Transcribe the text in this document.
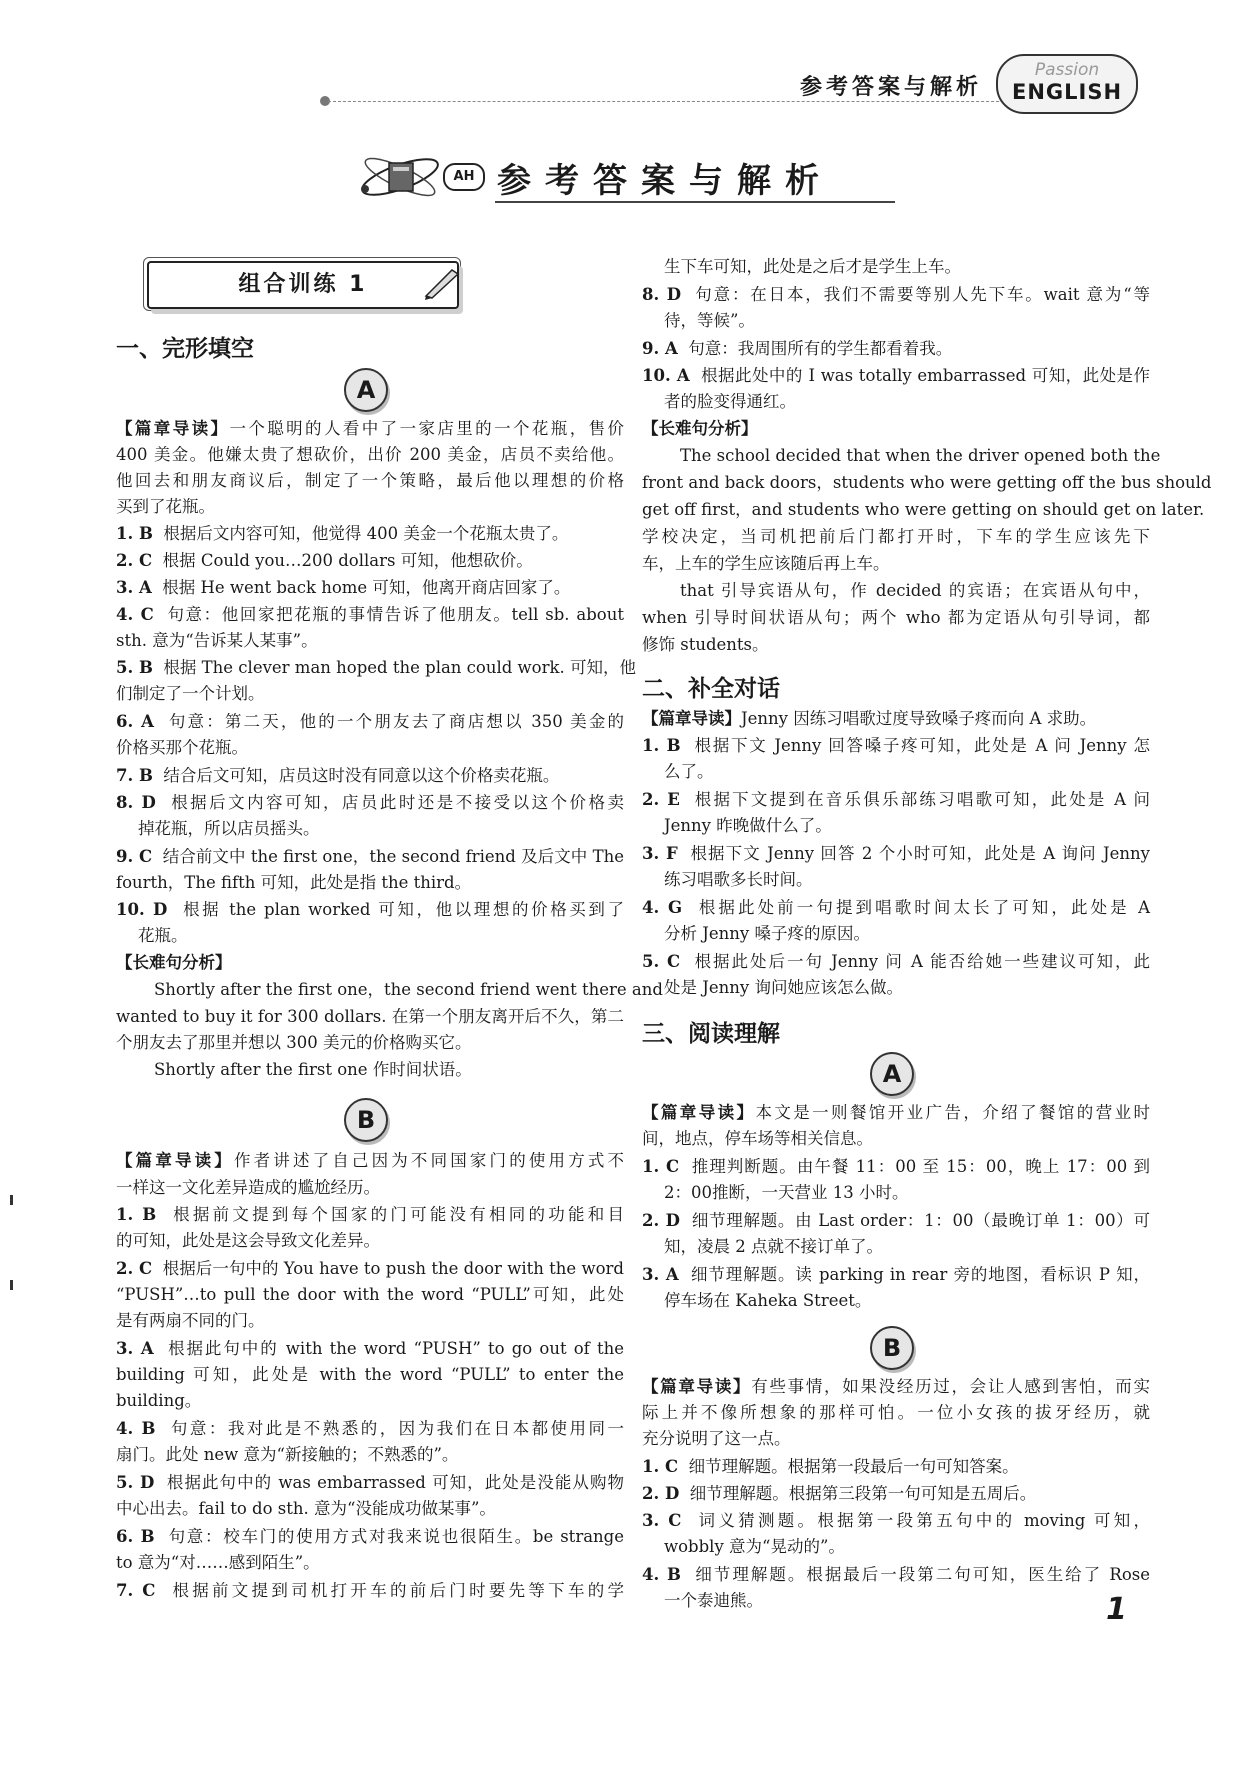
参考答案与解析
Passion
ENGLISH
AH 参考答案与解析
组合训练 1
一、完形填空
A
【篇章导读】一个聪明的人看中了一家店里的一个花瓶，售价
400 美金。他嫌太贵了想砍价，出价 200 美金，店员不卖给他。
他回去和朋友商议后，制定了一个策略，最后他以理想的价格
买到了花瓶。
1. B 根据后文内容可知，他觉得 400 美金一个花瓶太贵了。
2. C 根据 Could you…200 dollars 可知，他想砍价。
3. A 根据 He went back home 可知，他离开商店回家了。
4. C 句意：他回家把花瓶的事情告诉了他朋友。tell sb. about
sth. 意为“告诉某人某事”。
5. B 根据 The clever man hoped the plan could work. 可知，他
们制定了一个计划。
6. A 句意：第二天，他的一个朋友去了商店想以 350 美金的
价格买那个花瓶。
7. B 结合后文可知，店员这时没有同意以这个价格卖花瓶。
8. D 根据后文内容可知，店员此时还是不接受以这个价格卖
掉花瓶，所以店员摇头。
9. C 结合前文中 the first one，the second friend 及后文中 The
fourth，The fifth 可知，此处是指 the third。
10. D 根据 the plan worked 可知，他以理想的价格买到了
花瓶。
【长难句分析】
Shortly after the first one，the second friend went there and
wanted to buy it for 300 dollars. 在第一个朋友离开后不久，第二
个朋友去了那里并想以 300 美元的价格购买它。
Shortly after the first one 作时间状语。
B
【篇章导读】作者讲述了自己因为不同国家门的使用方式不
一样这一文化差异造成的尴尬经历。
1. B 根据前文提到每个国家的门可能没有相同的功能和目
的可知，此处是这会导致文化差异。
2. C 根据后一句中的 You have to push the door with the word
“PUSH”…to pull the door with the word “PULL”可知，此处
是有两扇不同的门。
3. A 根据此句中的 with the word “PUSH” to go out of the
building 可知，此处是 with the word “PULL” to enter the
building。
4. B 句意：我对此是不熟悉的，因为我们在日本都使用同一
扇门。此处 new 意为“新接触的；不熟悉的”。
5. D 根据此句中的 was embarrassed 可知，此处是没能从购物
中心出去。fail to do sth. 意为“没能成功做某事”。
6. B 句意：校车门的使用方式对我来说也很陌生。be strange
to 意为“对……感到陌生”。
7. C 根据前文提到司机打开车的前后门时要先等下车的学
生下车可知，此处是之后才是学生上车。
8. D 句意：在日本，我们不需要等别人先下车。wait 意为“等
待，等候”。
9. A 句意：我周围所有的学生都看着我。
10. A 根据此处中的 I was totally embarrassed 可知，此处是作
者的脸变得通红。
【长难句分析】
The school decided that when the driver opened both the
front and back doors，students who were getting off the bus should
get off first，and students who were getting on should get on later.
学校决定，当司机把前后门都打开时，下车的学生应该先下
车，上车的学生应该随后再上车。
that 引导宾语从句，作 decided 的宾语；在宾语从句中，
when 引导时间状语从句；两个 who 都为定语从句引导词，都
修饰 students。
二、补全对话
【篇章导读】Jenny 因练习唱歌过度导致嗓子疼而向 A 求助。
1. B 根据下文 Jenny 回答嗓子疼可知，此处是 A 问 Jenny 怎
么了。
2. E 根据下文提到在音乐俱乐部练习唱歌可知，此处是 A 问
Jenny 昨晚做什么了。
3. F 根据下文 Jenny 回答 2 个小时可知，此处是 A 询问 Jenny
练习唱歌多长时间。
4. G 根据此处前一句提到唱歌时间太长了可知，此处是 A
分析 Jenny 嗓子疼的原因。
5. C 根据此处后一句 Jenny 问 A 能否给她一些建议可知，此
处是 Jenny 询问她应该怎么做。
三、阅读理解
A
【篇章导读】本文是一则餐馆开业广告，介绍了餐馆的营业时
间，地点，停车场等相关信息。
1. C 推理判断题。由午餐 11：00 至 15：00，晚上 17：00 到
2：00推断，一天营业 13 小时。
2. D 细节理解题。由 Last order：1：00（最晚订单 1：00）可
知，凌晨 2 点就不接订单了。
3. A 细节理解题。读 parking in rear 旁的地图，看标识 P 知，
停车场在 Kaheka Street。
B
【篇章导读】有些事情，如果没经历过，会让人感到害怕，而实
际上并不像所想象的那样可怕。一位小女孩的拔牙经历，就
充分说明了这一点。
1. C 细节理解题。根据第一段最后一句可知答案。
2. D 细节理解题。根据第三段第一句可知是五周后。
3. C 词义猜测题。根据第一段第五句中的 moving 可知，
wobbly 意为“晃动的”。
4. B 细节理解题。根据最后一段第二句可知，医生给了 Rose
一个泰迪熊。	1
